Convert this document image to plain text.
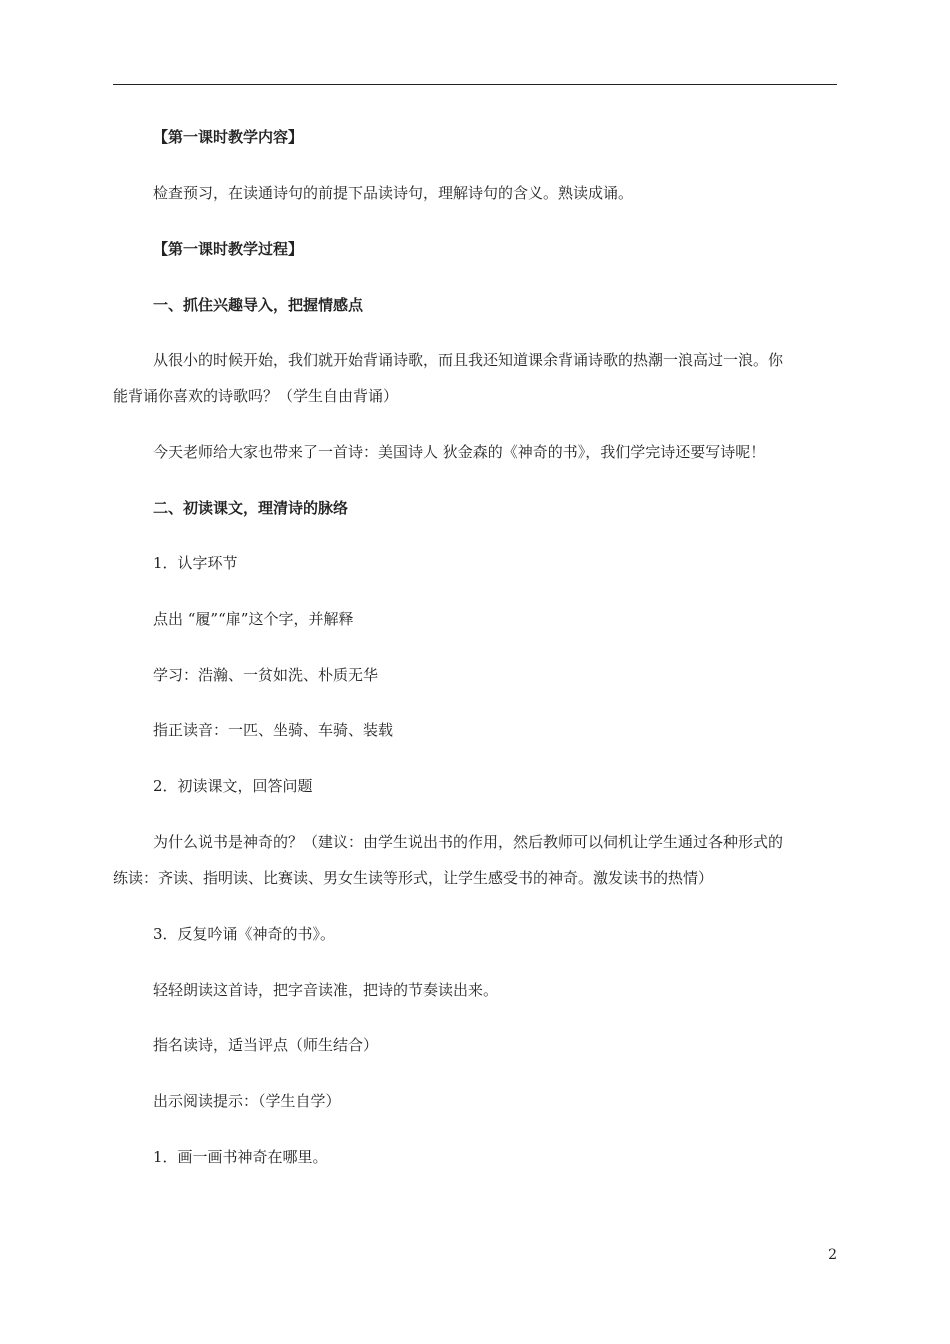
【第一课时教学内容】
检查预习，在读通诗句的前提下品读诗句，理解诗句的含义。熟读成诵。
【第一课时教学过程】
一、抓住兴趣导入，把握情感点
从很小的时候开始，我们就开始背诵诗歌，而且我还知道课余背诵诗歌的热潮一浪高过一浪。你
能背诵你喜欢的诗歌吗？（学生自由背诵）
今天老师给大家也带来了一首诗：美国诗人 狄金森的《神奇的书》，我们学完诗还要写诗呢！
二、初读课文，理清诗的脉络
1．认字环节
点出 “履”“扉”这个字，并解释
学习：浩瀚、一贫如洗、朴质无华
指正读音：一匹、坐骑、车骑、装载
2．初读课文，回答问题
为什么说书是神奇的？（建议：由学生说出书的作用，然后教师可以伺机让学生通过各种形式的
练读：齐读、指明读、比赛读、男女生读等形式，让学生感受书的神奇。激发读书的热情）
3．反复吟诵《神奇的书》。
轻轻朗读这首诗，把字音读准，把诗的节奏读出来。
指名读诗，适当评点（师生结合）
出示阅读提示：（学生自学）
1．画一画书神奇在哪里。
2
